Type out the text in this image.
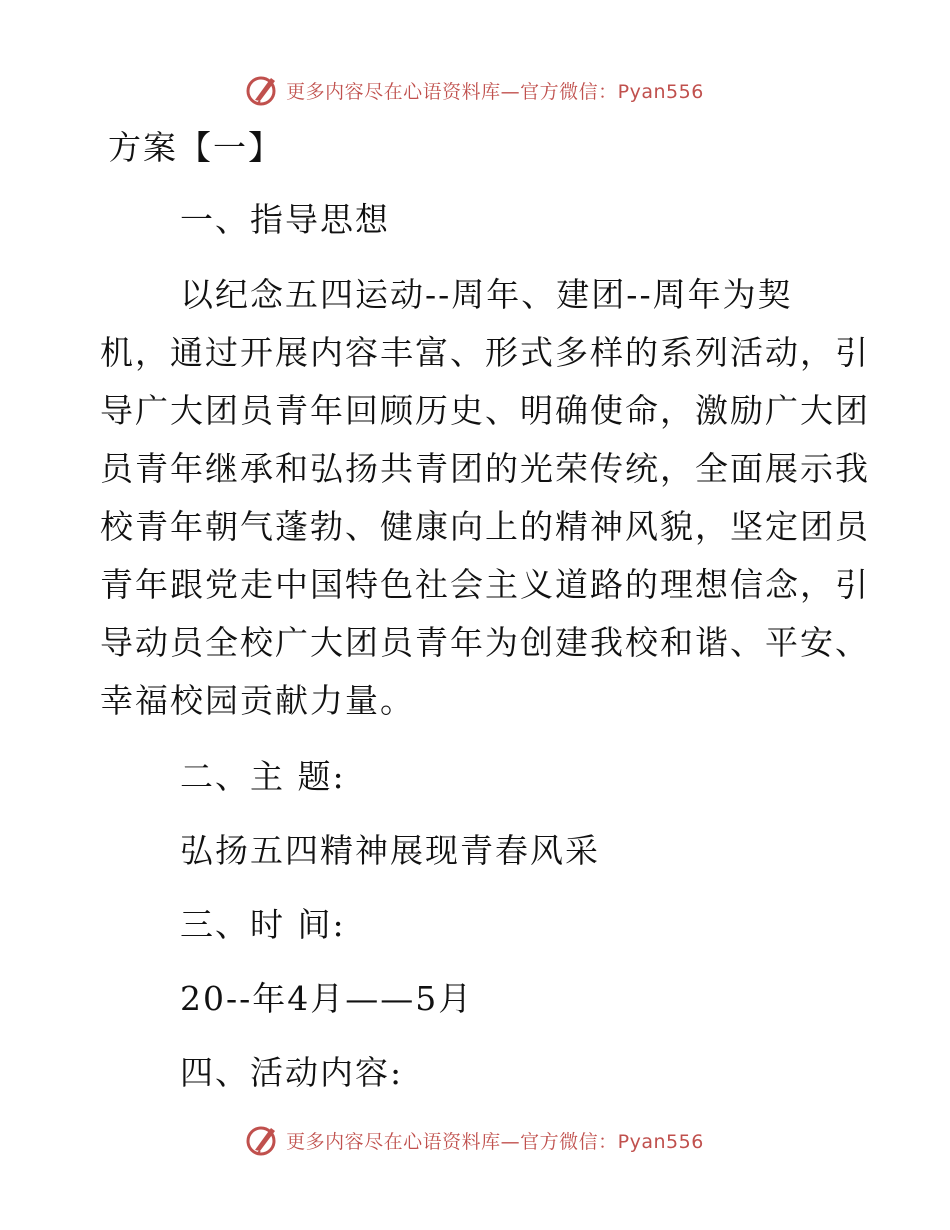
更多内容尽在心语资料库—官方微信：Pyan556
方案【一】
一、指导思想
以纪念五四运动--周年、建团--周年为契
机，通过开展内容丰富、形式多样的系列活动，引
导广大团员青年回顾历史、明确使命，激励广大团
员青年继承和弘扬共青团的光荣传统，全面展示我
校青年朝气蓬勃、健康向上的精神风貌，坚定团员
青年跟党走中国特色社会主义道路的理想信念，引
导动员全校广大团员青年为创建我校和谐、平安、
幸福校园贡献力量。
二、主 题:
弘扬五四精神展现青春风采
三、时 间:
20--年4月——5月
四、活动内容:
更多内容尽在心语资料库—官方微信：Pyan556
